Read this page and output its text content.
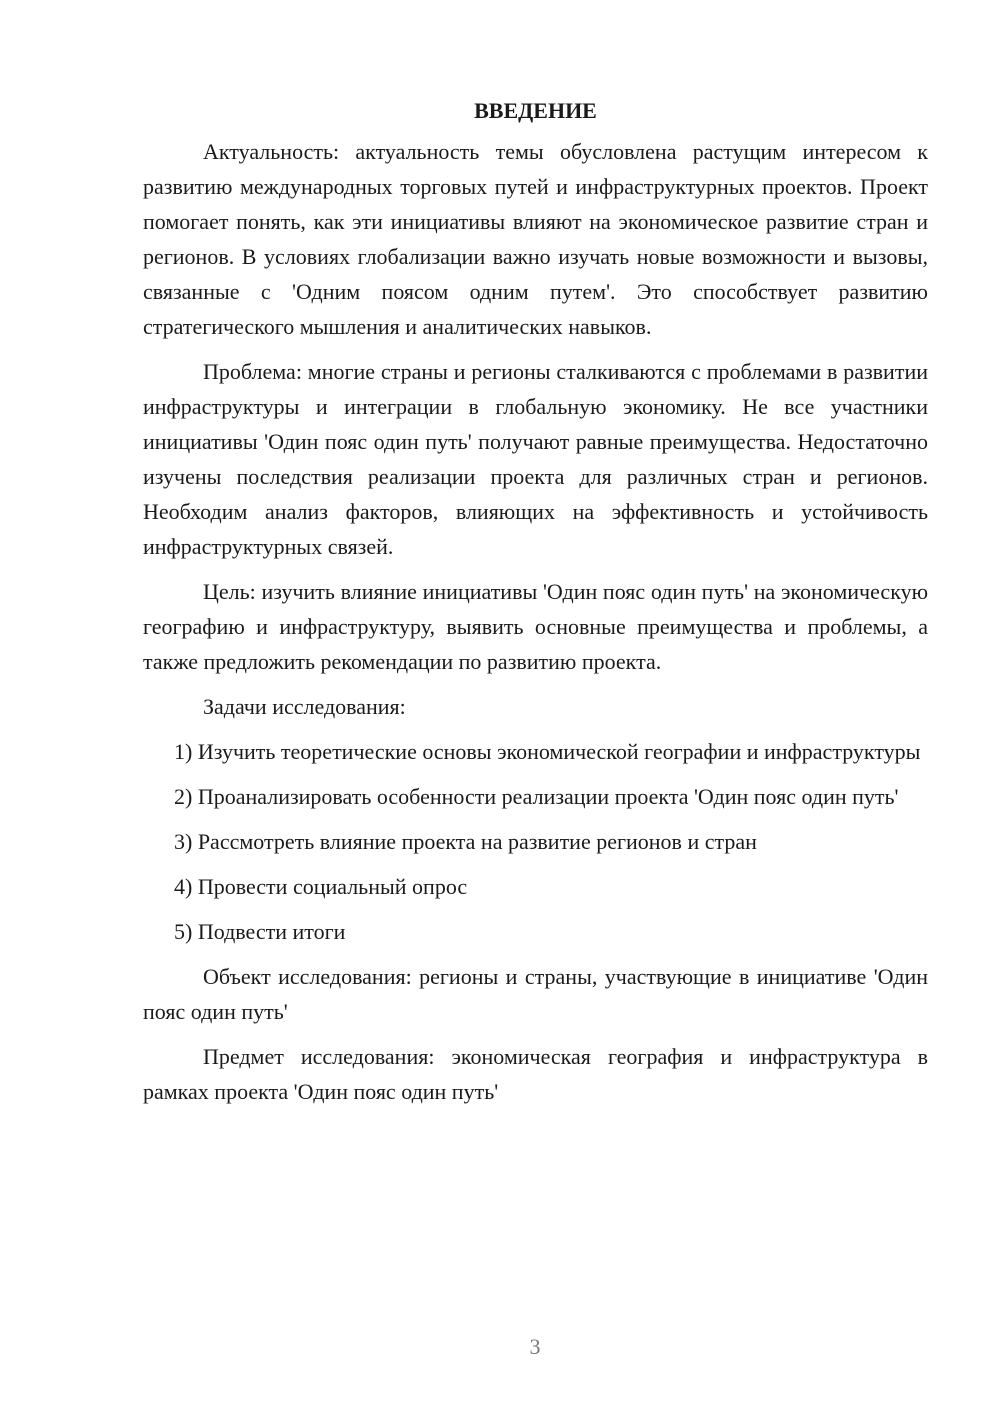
ВВЕДЕНИЕ

Актуальность: актуальность темы обусловлена растущим интересом к развитию международных торговых путей и инфраструктурных проектов. Проект помогает понять, как эти инициативы влияют на экономическое развитие стран и регионов. В условиях глобализации важно изучать новые возможности и вызовы, связанные с 'Одним поясом одним путем'. Это способствует развитию стратегического мышления и аналитических навыков.

Проблема: многие страны и регионы сталкиваются с проблемами в развитии инфраструктуры и интеграции в глобальную экономику. Не все участники инициативы 'Один пояс один путь' получают равные преимущества. Недостаточно изучены последствия реализации проекта для различных стран и регионов. Необходим анализ факторов, влияющих на эффективность и устойчивость инфраструктурных связей.

Цель: изучить влияние инициативы 'Один пояс один путь' на экономическую географию и инфраструктуру, выявить основные преимущества и проблемы, а также предложить рекомендации по развитию проекта.

Задачи исследования:

1) Изучить теоретические основы экономической географии и инфраструктуры

2) Проанализировать особенности реализации проекта 'Один пояс один путь'

3) Рассмотреть влияние проекта на развитие регионов и стран

4) Провести социальный опрос

5) Подвести итоги

Объект исследования: регионы и страны, участвующие в инициативе 'Один пояс один путь'

Предмет исследования: экономическая география и инфраструктура в рамках проекта 'Один пояс один путь'

3
